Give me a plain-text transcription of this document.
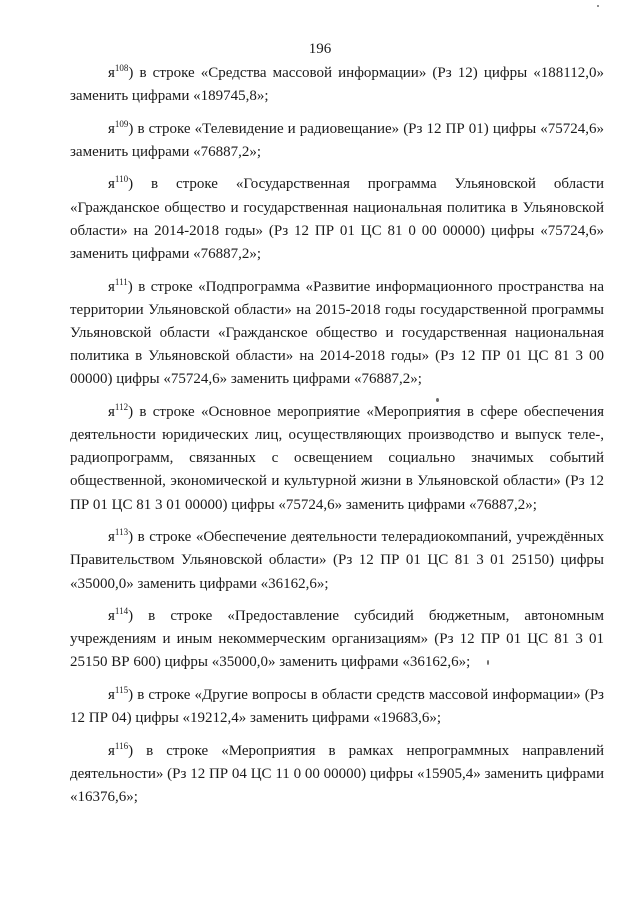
196

$я^{108}$) в строке «Средства массовой информации» (Рз 12) цифры «188112,0» заменить цифрами «189745,8»;

$я^{109}$) в строке «Телевидение и радиовещание» (Рз 12 ПР 01) цифры «75724,6» заменить цифрами «76887,2»;

$я^{110}$) в строке «Государственная программа Ульяновской области «Гражданское общество и государственная национальная политика в Ульяновской области» на 2014-2018 годы» (Рз 12 ПР 01 ЦС 81 0 00 00000) цифры «75724,6» заменить цифрами «76887,2»;

$я^{111}$) в строке «Подпрограмма «Развитие информационного пространства на территории Ульяновской области» на 2015-2018 годы государственной программы Ульяновской области «Гражданское общество и государственная национальная политика в Ульяновской области» на 2014-2018 годы» (Рз 12 ПР 01 ЦС 81 3 00 00000) цифры «75724,6» заменить цифрами «76887,2»;

$я^{112}$) в строке «Основное мероприятие «Мероприятия в сфере обеспечения деятельности юридических лиц, осуществляющих производство и выпуск теле-, радиопрограмм, связанных с освещением социально значимых событий общественной, экономической и культурной жизни в Ульяновской области» (Рз 12 ПР 01 ЦС 81 3 01 00000) цифры «75724,6» заменить цифрами «76887,2»;

$я^{113}$) в строке «Обеспечение деятельности телерадиокомпаний, учреждённых Правительством Ульяновской области» (Рз 12 ПР 01 ЦС 81 3 01 25150) цифры «35000,0» заменить цифрами «36162,6»;

$я^{114}$) в строке «Предоставление субсидий бюджетным, автономным учреждениям и иным некоммерческим организациям» (Рз 12 ПР 01 ЦС 81 3 01 25150 ВР 600) цифры «35000,0» заменить цифрами «36162,6»;

$я^{115}$) в строке «Другие вопросы в области средств массовой информации» (Рз 12 ПР 04) цифры «19212,4» заменить цифрами «19683,6»;

$я^{116}$) в строке «Мероприятия в рамках непрограммных направлений деятельности» (Рз 12 ПР 04 ЦС 11 0 00 00000) цифры «15905,4» заменить цифрами «16376,6»;
